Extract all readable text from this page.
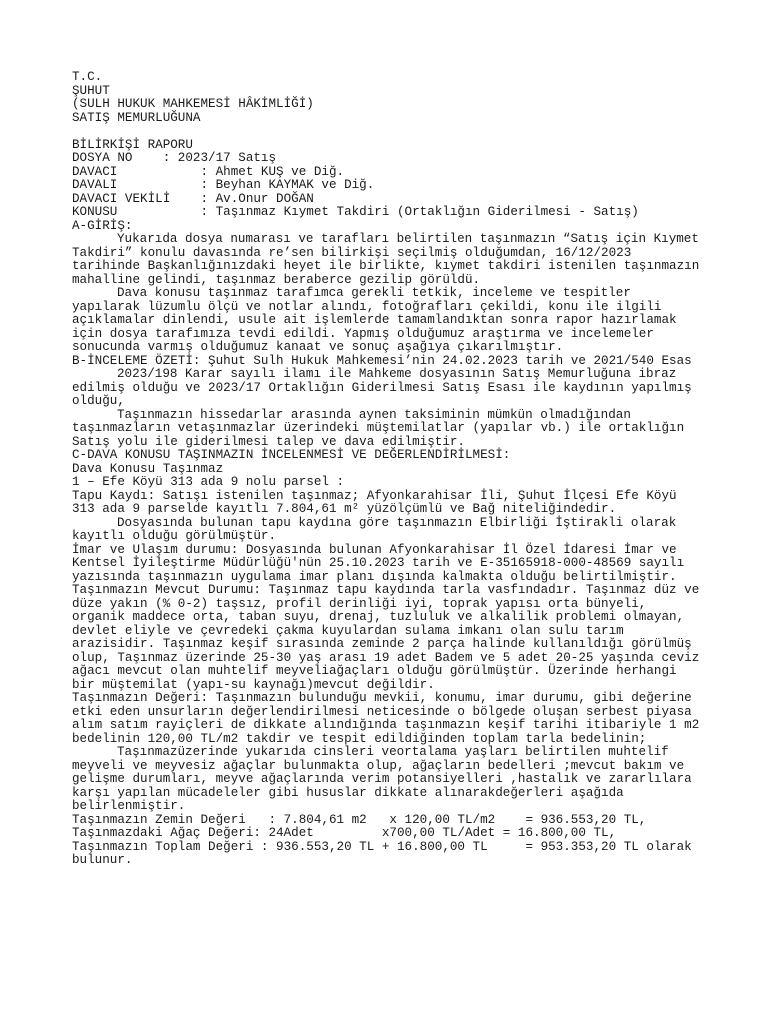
T.C.
ŞUHUT
(SULH HUKUK MAHKEMESİ HÂKİMLİĞİ)
SATIŞ MEMURLUĞUNA
BİLİRKİŞİ RAPORU
DOSYA NO    : 2023/17 Satış
DAVACI           : Ahmet KUŞ ve Diğ.
DAVALI           : Beyhan KAYMAK ve Diğ.
DAVACI VEKİLİ    : Av.Onur DOĞAN
KONUSU           : Taşınmaz Kıymet Takdiri (Ortaklığın Giderilmesi - Satış)
A-GİRİŞ:
Yukarıda dosya numarası ve tarafları belirtilen taşınmazın “Satış için Kıymet
Takdiri” konulu davasında re’sen bilirkişi seçilmiş olduğumdan, 16/12/2023
tarihinde Başkanlığınızdaki heyet ile birlikte, kıymet takdiri istenilen taşınmazın
mahalline gelindi, taşınmaz beraberce gezilip görüldü.
Dava konusu taşınmaz tarafımca gerekli tetkik, inceleme ve tespitler
yapılarak lüzumlu ölçü ve notlar alındı, fotoğrafları çekildi, konu ile ilgili
açıklamalar dinlendi, usule ait işlemlerde tamamlandıktan sonra rapor hazırlamak
için dosya tarafımıza tevdi edildi. Yapmış olduğumuz araştırma ve incelemeler
sonucunda varmış olduğumuz kanaat ve sonuç aşağıya çıkarılmıştır.
B-İNCELEME ÖZETİ: Şuhut Sulh Hukuk Mahkemesi’nin 24.02.2023 tarih ve 2021/540 Esas
2023/198 Karar sayılı ilamı ile Mahkeme dosyasının Satış Memurluğuna ibraz
edilmiş olduğu ve 2023/17 Ortaklığın Giderilmesi Satış Esası ile kaydının yapılmış
olduğu,
Taşınmazın hissedarlar arasında aynen taksiminin mümkün olmadığından
taşınmazların vetaşınmazlar üzerindeki müştemilatlar (yapılar vb.) ile ortaklığın
Satış yolu ile giderilmesi talep ve dava edilmiştir.
C-DAVA KONUSU TAŞINMAZIN İNCELENMESİ VE DEĞERLENDİRİLMESİ:
Dava Konusu Taşınmaz
1 – Efe Köyü 313 ada 9 nolu parsel :
Tapu Kaydı: Satışı istenilen taşınmaz; Afyonkarahisar İli, Şuhut İlçesi Efe Köyü
313 ada 9 parselde kayıtlı 7.804,61 m² yüzölçümlü ve Bağ niteliğindedir.
Dosyasında bulunan tapu kaydına göre taşınmazın Elbirliği İştirakli olarak
kayıtlı olduğu görülmüştür.
İmar ve Ulaşım durumu: Dosyasında bulunan Afyonkarahisar İl Özel İdaresi İmar ve
Kentsel İyileştirme Müdürlüğü'nün 25.10.2023 tarih ve E-35165918-000-48569 sayılı
yazısında taşınmazın uygulama imar planı dışında kalmakta olduğu belirtilmiştir.
Taşınmazın Mevcut Durumu: Taşınmaz tapu kaydında tarla vasfındadır. Taşınmaz düz ve
düze yakın (% 0-2) taşsız, profil derinliği iyi, toprak yapısı orta bünyeli,
organik maddece orta, taban suyu, drenaj, tuzluluk ve alkalilik problemi olmayan,
devlet eliyle ve çevredeki çakma kuyulardan sulama imkanı olan sulu tarım
arazisidir. Taşınmaz keşif sırasında zeminde 2 parça halinde kullanıldığı görülmüş
olup, Taşınmaz üzerinde 25-30 yaş arası 19 adet Badem ve 5 adet 20-25 yaşında ceviz
ağacı mevcut olan muhtelif meyveliağaçları olduğu görülmüştür. Üzerinde herhangi
bir müştemilat (yapı-su kaynağı)mevcut değildir.
Taşınmazın Değeri: Taşınmazın bulunduğu mevkii, konumu, imar durumu, gibi değerine
etki eden unsurların değerlendirilmesi neticesinde o bölgede oluşan serbest piyasa
alım satım rayiçleri de dikkate alındığında taşınmazın keşif tarihi itibariyle 1 m2
bedelinin 120,00 TL/m2 takdir ve tespit edildiğinden toplam tarla bedelinin;
Taşınmazüzerinde yukarıda cinsleri veortalama yaşları belirtilen muhtelif
meyveli ve meyvesiz ağaçlar bulunmakta olup, ağaçların bedelleri ;mevcut bakım ve
gelişme durumları, meyve ağaçlarında verim potansiyelleri ,hastalık ve zararlılara
karşı yapılan mücadeleler gibi hususlar dikkate alınarakdeğerleri aşağıda
belirlenmiştir.
Taşınmazın Zemin Değeri   : 7.804,61 m2   x 120,00 TL/m2    = 936.553,20 TL,
Taşınmazdaki Ağaç Değeri: 24Adet         x700,00 TL/Adet = 16.800,00 TL,
Taşınmazın Toplam Değeri : 936.553,20 TL + 16.800,00 TL     = 953.353,20 TL olarak
bulunur.
